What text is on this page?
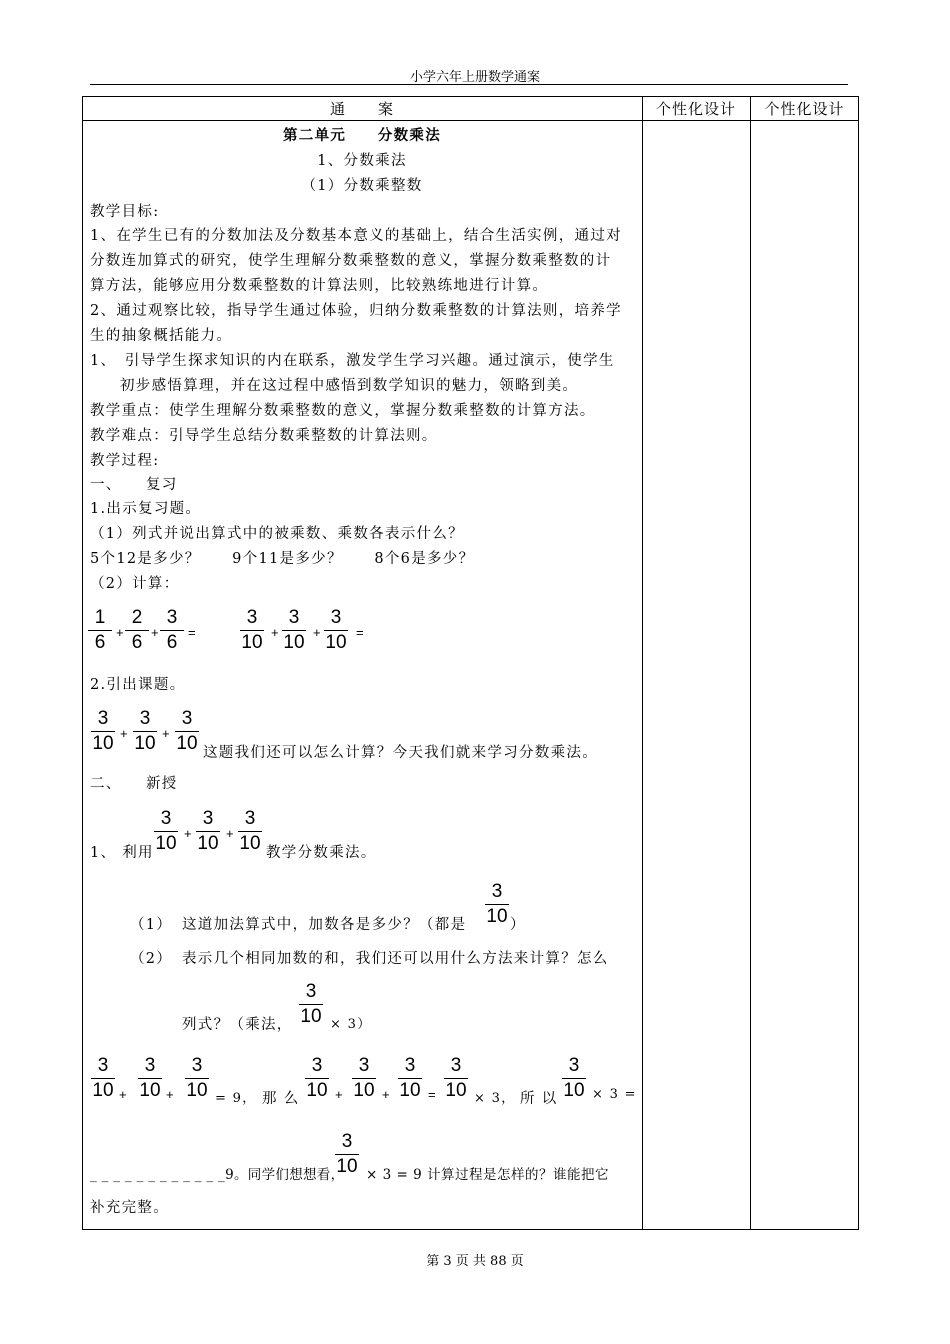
小学六年上册数学通案
通　　案	个性化设计	个性化设计
第二单元　　分数乘法
1、分数乘法
（1）分数乘整数
教学目标:
1、在学生已有的分数加法及分数基本意义的基础上，结合生活实例，通过对
分数连加算式的研究，使学生理解分数乘整数的意义，掌握分数乘整数的计
算方法，能够应用分数乘整数的计算法则，比较熟练地进行计算。
2、通过观察比较，指导学生通过体验，归纳分数乘整数的计算法则，培养学
生的抽象概括能力。
1、　引导学生探求知识的内在联系，激发学生学习兴趣。通过演示，使学生
初步感悟算理，并在这过程中感悟到数学知识的魅力，领略到美。
教学重点：使学生理解分数乘整数的意义，掌握分数乘整数的计算方法。
教学难点：引导学生总结分数乘整数的计算法则。
教学过程:
一、　　复习
1.出示复习题。
（1）列式并说出算式中的被乘数、乘数各表示什么？
5个12是多少？　　9个11是多少？　　8个6是多少？
（2）计算：
1
6 +
2
6 +
3
6 =
3
10 +
3
10 +
3
10 =
2.引出课题。
3
10 +
3
10 +
3
10 这题我们还可以怎么计算？今天我们就来学习分数乘法。
二、　　新授
1、 利用
3
10 +
3
10 +
3
10 教学分数乘法。
（1） 这道加法算式中，加数各是多少？（都是
3
10 ）
（2） 表示几个相同加数的和，我们还可以用什么方法来计算？怎么
列式？（乘法，
3
10 × 3）
3
10 +
3
10 +
3
10 = 9， 那 么
3
10 +
3
10 +
3
10 =
3
10 × 3， 所 以
3
10 × 3 =
_ _ _ _ _ _ _ _ _ _ _ _9。同学们想想看，
3
10 × 3 = 9 计算过程是怎样的？谁能把它
补充完整。
第 3 页 共 88 页
